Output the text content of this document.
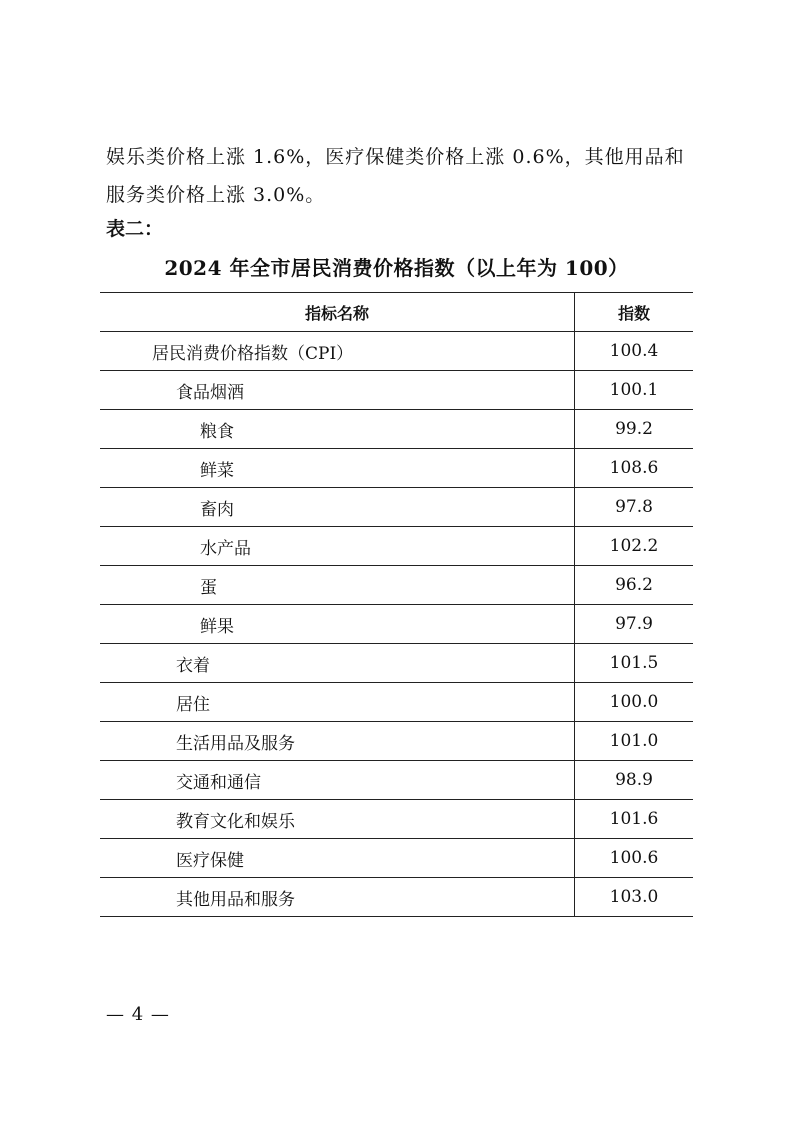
娱乐类价格上涨 1.6%，医疗保健类价格上涨 0.6%，其他用品和
服务类价格上涨 3.0%。
表二：
2024 年全市居民消费价格指数（以上年为 100）
指标名称	指数
居民消费价格指数（CPI）	100.4
食品烟酒	100.1
粮食	99.2
鲜菜	108.6
畜肉	97.8
水产品	102.2
蛋	96.2
鲜果	97.9
衣着	101.5
居住	100.0
生活用品及服务	101.0
交通和通信	98.9
教育文化和娱乐	101.6
医疗保健	100.6
其他用品和服务	103.0
— 4 —
